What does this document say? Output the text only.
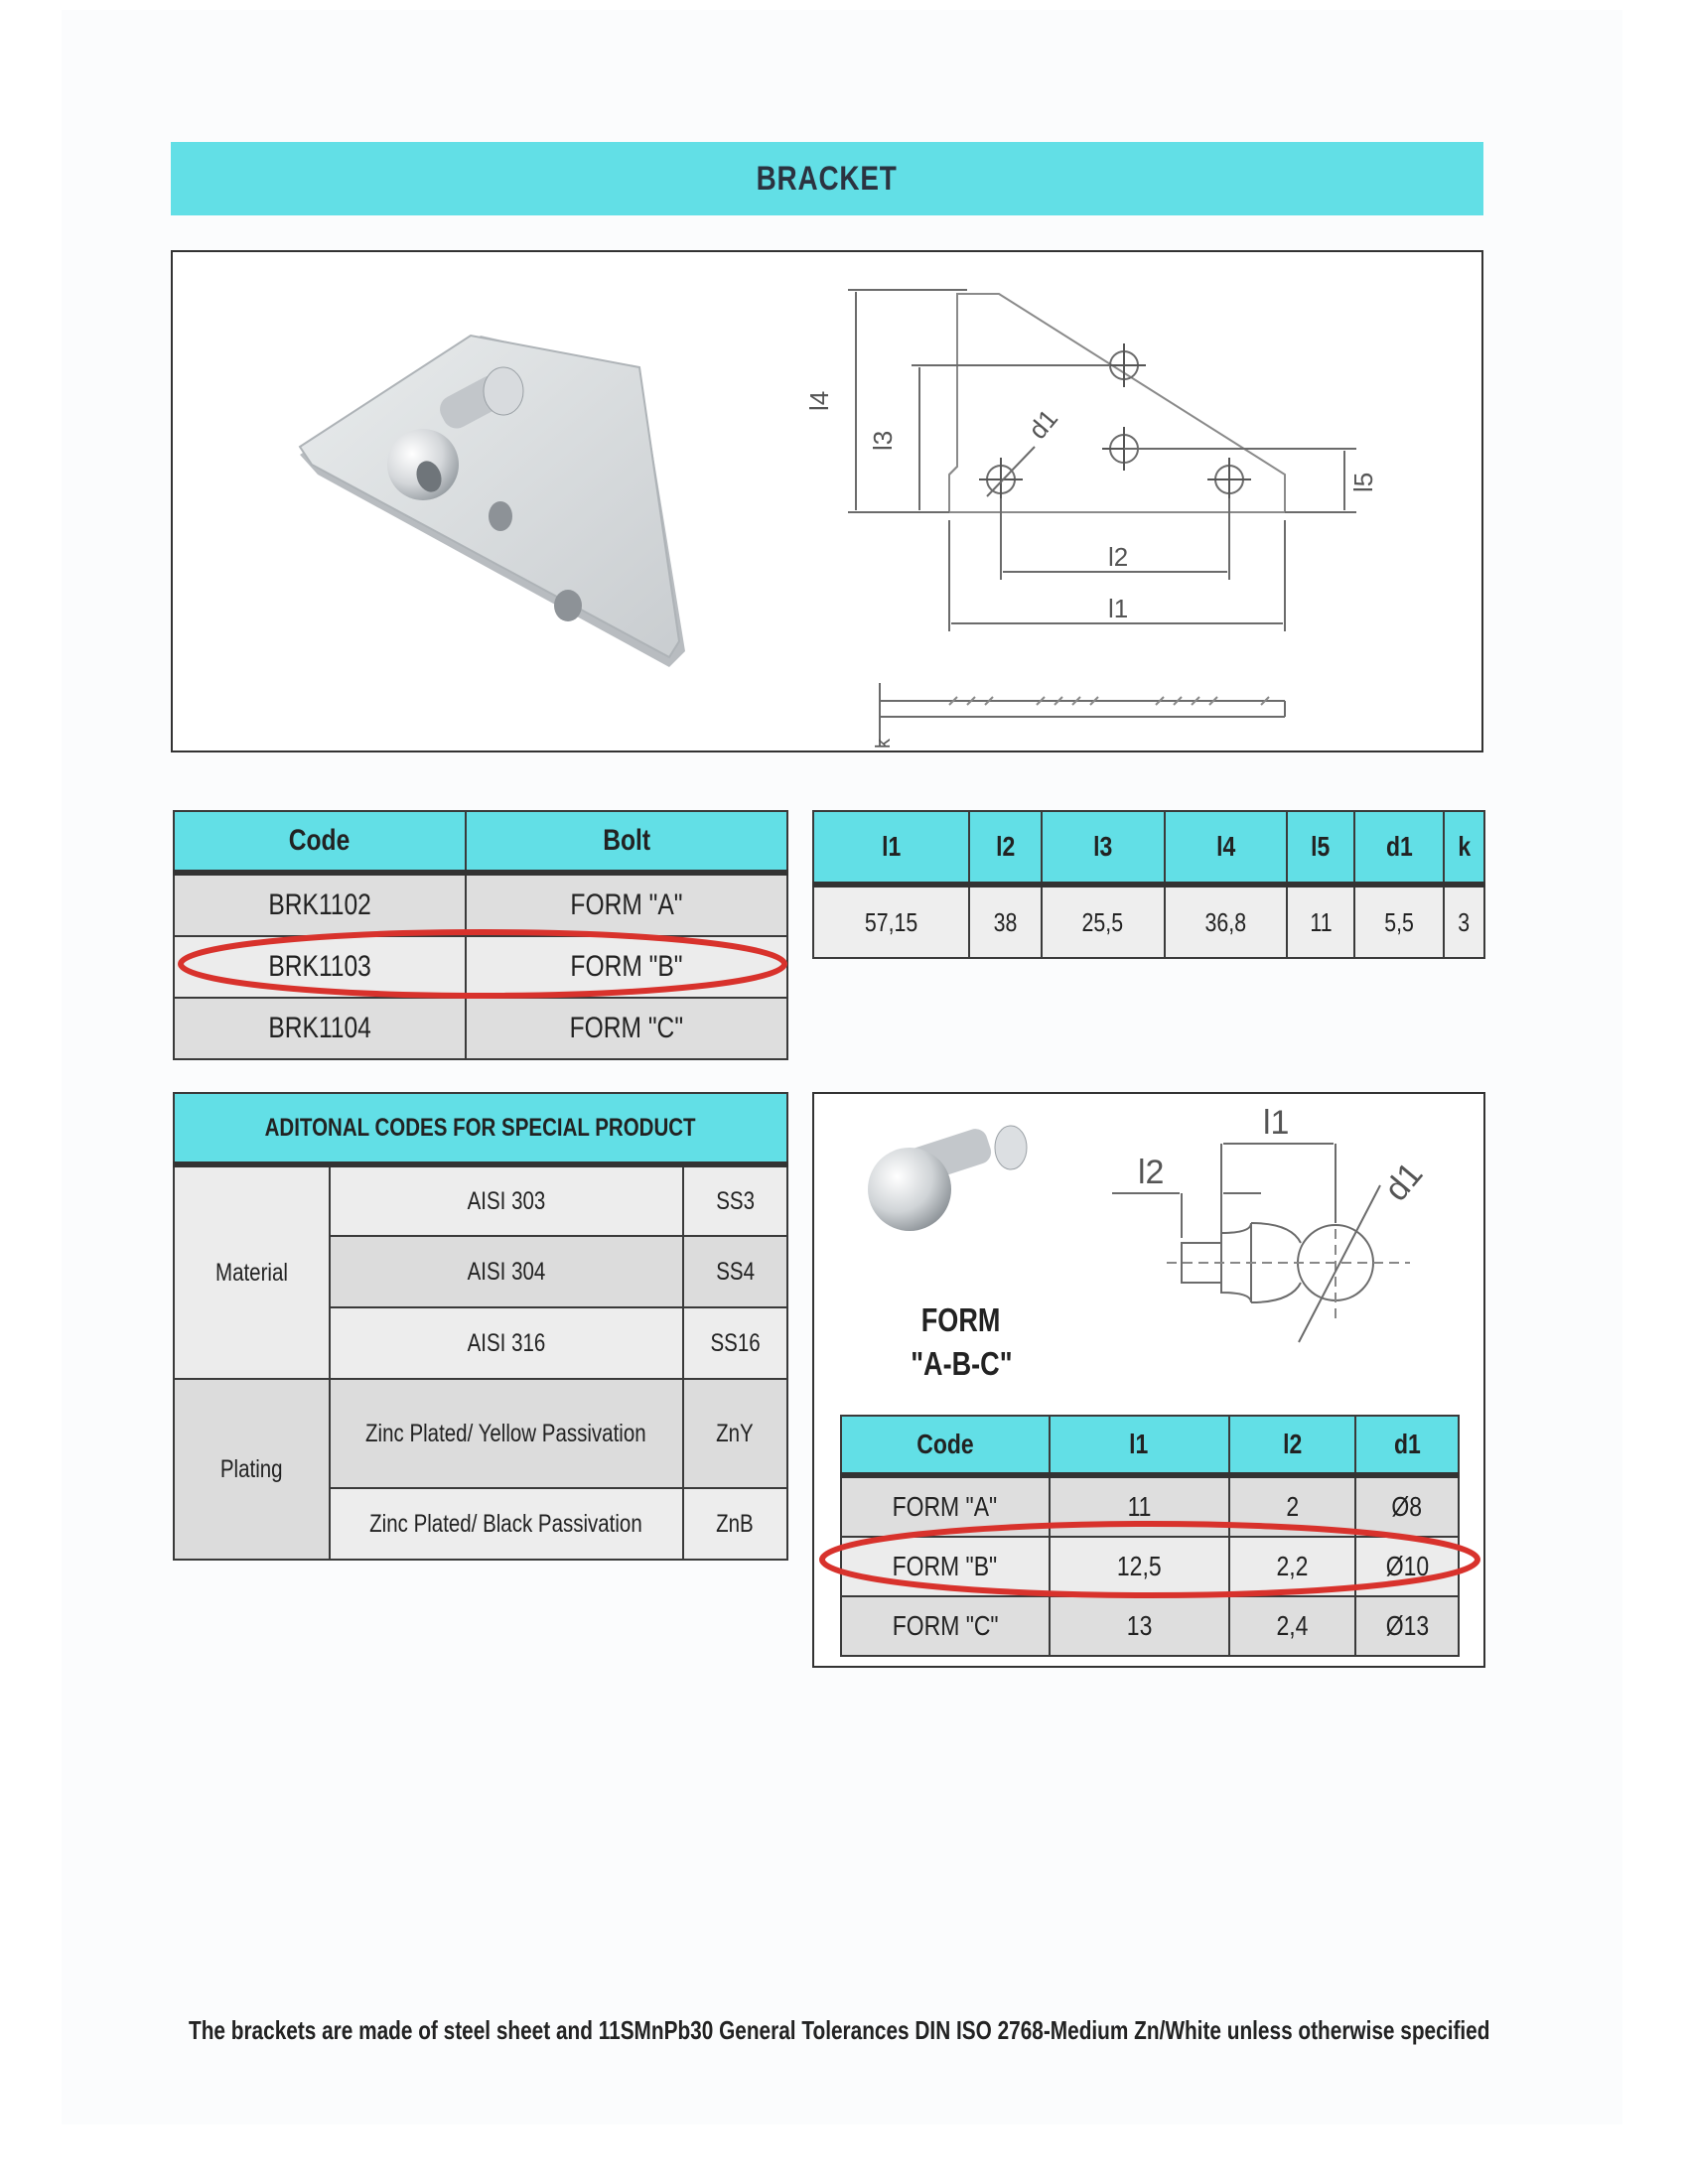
BRACKET
l4
l3
l5
l2
l1
d1
k
Code	Bolt
BRK1102	FORM "A"
BRK1103	FORM "B"
BRK1104	FORM "C"
l1	l2	l3	l4	l5	d1	k
57,15	38	25,5	36,8	11	5,5	3
ADITONAL CODES FOR SPECIAL PRODUCT		
Material	AISI 303	SS3
	AISI 304	SS4
	AISI 316	SS16
Plating	Zinc Plated/ Yellow Passivation	ZnY
	Zinc Plated/ Black Passivation	ZnB
l1
l2	d1
FORM
"A-B-C"
Code	l1	l2	d1
FORM "A"	11	2	Ø8
FORM "B"	12,5	2,2	Ø10
FORM "C"	13	2,4	Ø13
The brackets are made of steel sheet and 11SMnPb30 General Tolerances DIN ISO 2768-Medium Zn/White unless otherwise specified
